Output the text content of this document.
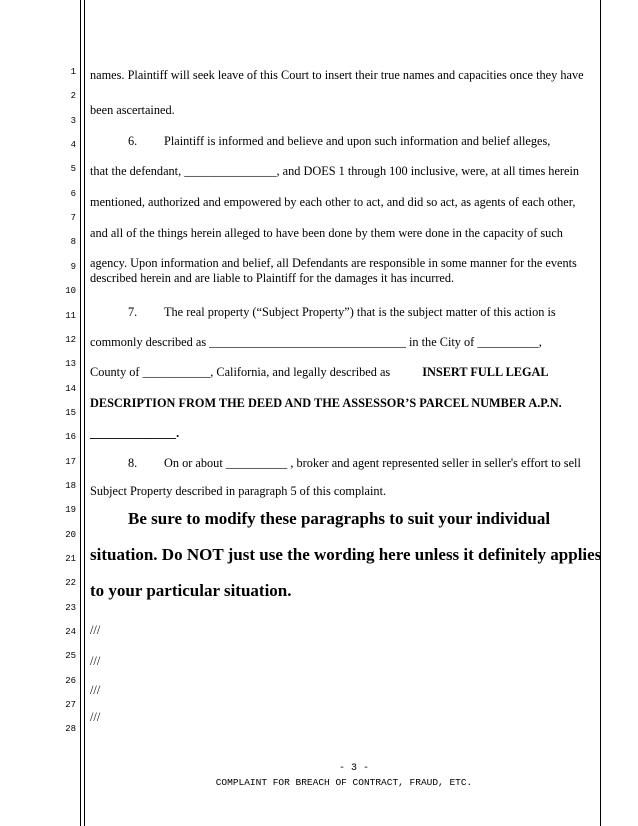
1
2
3
4
5
6
7
8
9
10
11
12
13
14
15
16
17
18
19
20
21
22
23
24
25
26
27
28
names. Plaintiff will seek leave of this Court to insert their true names and capacities once they have
been ascertained.
6. Plaintiff is informed and believe and upon such information and belief alleges,
that the defendant, _______________, and DOES 1 through 100 inclusive, were, at all times herein
mentioned, authorized and empowered by each other to act, and did so act, as agents of each other,
and all of the things herein alleged to have been done by them were done in the capacity of such
agency. Upon information and belief, all Defendants are responsible in some manner for the events
described herein and are liable to Plaintiff for the damages it has incurred.
7. The real property (“Subject Property”) that is the subject matter of this action is
commonly described as ________________________________ in the City of __________,
County of ___________, California, and legally described as	INSERT FULL LEGAL
DESCRIPTION FROM THE DEED AND THE ASSESSOR’S PARCEL NUMBER A.P.N.
______________.
8. On or about __________ , broker and agent represented seller in seller's effort to sell
Subject Property described in paragraph 5 of this complaint.
Be sure to modify these paragraphs to suit your individual
situation. Do NOT just use the wording here unless it definitely applies
to your particular situation.
///
///
///
///
- 3 -
COMPLAINT FOR BREACH OF CONTRACT, FRAUD, ETC.
